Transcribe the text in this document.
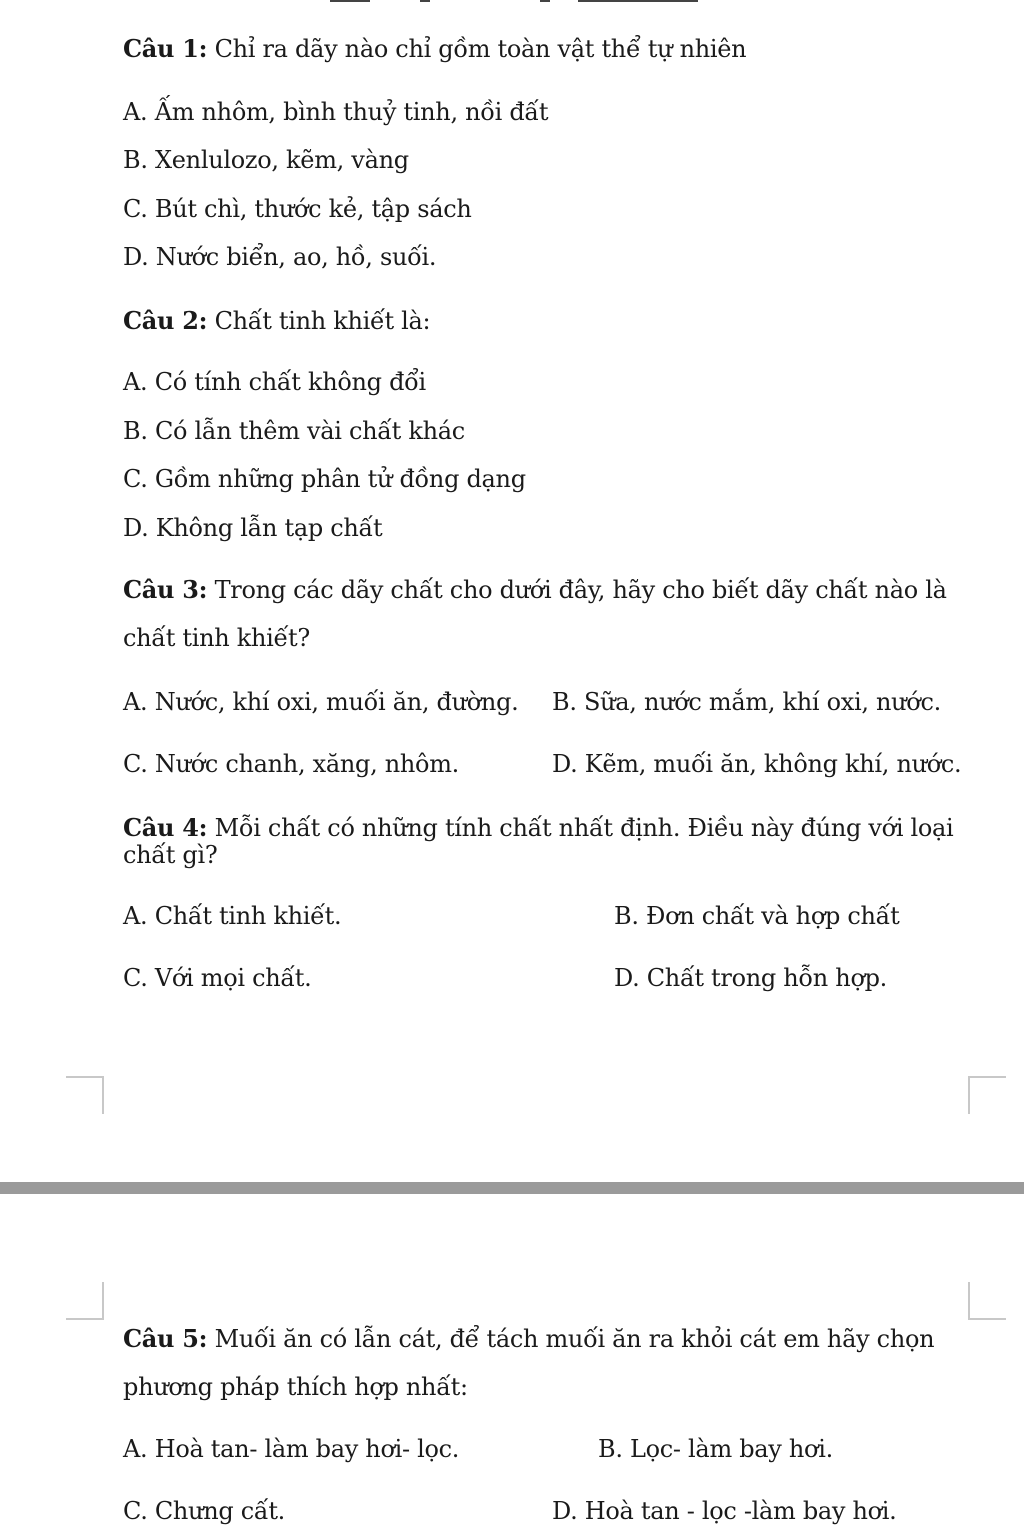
Câu 1: Chỉ ra dãy nào chỉ gồm toàn vật thể tự nhiên
A. Ấm nhôm, bình thuỷ tinh, nồi đất
B. Xenlulozo, kẽm, vàng
C. Bút chì, thước kẻ, tập sách
D. Nước biển, ao, hồ, suối.
Câu 2: Chất tinh khiết là:
A. Có tính chất không đổi
B. Có lẫn thêm vài chất khác
C. Gồm những phân tử đồng dạng
D. Không lẫn tạp chất
Câu 3: Trong các dãy chất cho dưới đây, hãy cho biết dãy chất nào là
chất tinh khiết?
A. Nước, khí oxi, muối ăn, đường. B. Sữa, nước mắm, khí oxi, nước.
C. Nước chanh, xăng, nhôm.	D. Kẽm, muối ăn, không khí, nước.
Câu 4: Mỗi chất có những tính chất nhất định. Điều này đúng với loại
chất gì?
A. Chất tinh khiết.	B. Đơn chất và hợp chất
C. Với mọi chất.	D. Chất trong hỗn hợp.
Câu 5: Muối ăn có lẫn cát, để tách muối ăn ra khỏi cát em hãy chọn
phương pháp thích hợp nhất:
A. Hoà tan- làm bay hơi- lọc.	B. Lọc- làm bay hơi.
C. Chưng cất.	D. Hoà tan - lọc -làm bay hơi.
